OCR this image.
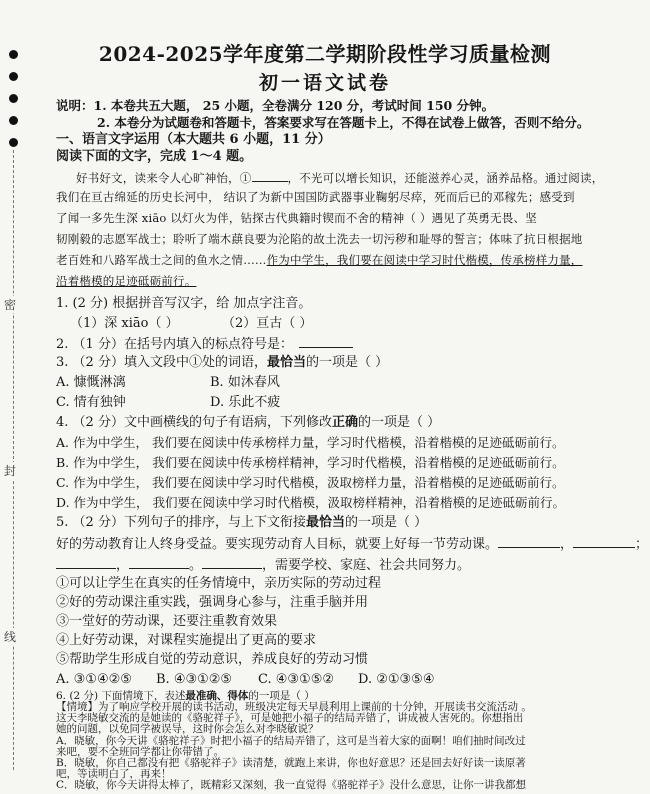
密
封
线
2024-2025学年度第二学期阶段性学习质量检测
初一语文试卷
说明：1. 本卷共五大题， 25 小题，全卷满分 120 分，考试时间 150 分钟。
2. 本卷分为试题卷和答题卡，答案要求写在答题卡上，不得在试卷上做答，否则不给分。
一、语言文字运用（本大题共 6 小题，11 分）
阅读下面的文字，完成 1～4 题。
好书好文，读来令人心旷神怡，①	，不光可以增长知识，还能滋养心灵，涵养品格。通过阅读，
我们在亘古绵延的历史长河中， 结识了为新中国国防武器事业鞠躬尽瘁，死而后已的邓稼先；感受到
了闻一多先生深 xiāo 以灯火为伴，钻探古代典籍时锲而不舍的精神（ ）遇见了英勇无畏、坚
韧刚毅的志愿军战士；聆听了端木蕻良要为沦陷的故土洗去一切污秽和耻辱的誓言；体味了抗日根据地
老百姓和八路军战士之间的鱼水之情……作为中学生，我们要在阅读中学习时代楷模，传承榜样力量，
沿着楷模的足迹砥砺前行。
1. (2 分) 根据拼音写汉字，给 加点字注音。
（1）深 xiāo（ ）	（2）亘古（ ）
2. （1 分）在括号内填入的标点符号是：
3. （2 分）填入文段中①处的词语，最恰当的一项是（ ）
A. 慷慨淋漓	B. 如沐春风
C. 情有独钟	D. 乐此不疲
4. （2 分）文中画横线的句子有语病，下列修改正确的一项是（ ）
A. 作为中学生， 我们要在阅读中传承榜样力量，学习时代楷模，沿着楷模的足迹砥砺前行。
B. 作为中学生， 我们要在阅读中传承榜样精神，学习时代楷模，沿着楷模的足迹砥砺前行。
C. 作为中学生， 我们要在阅读中学习时代楷模，汲取榜样力量，沿着楷模的足迹砥砺前行。
D. 作为中学生， 我们要在阅读中学习时代楷模，汲取榜样精神，沿着楷模的足迹砥砺前行。
5. （2 分）下列句子的排序，与上下文衔接最恰当的一项是（ ）
好的劳动教育让人终身受益。要实现劳动育人目标，就要上好每一节劳动课。	，	；
，	。	，需要学校、家庭、社会共同努力。
①可以让学生在真实的任务情境中，亲历实际的劳动过程
②好的劳动课注重实践，强调身心参与，注重手脑并用
③一堂好的劳动课，还要注重教育效果
④上好劳动课，对课程实施提出了更高的要求
⑤帮助学生形成自觉的劳动意识，养成良好的劳动习惯
A. ③①④②⑤ B. ④③①②⑤ C. ④③①⑤② D. ②①③⑤④
6. (2 分) 下面情境下，表述最准确、得体的一项是（ ）
【情境】为了响应学校开展的读书活动，班级决定每天早晨利用上课前的十分钟，开展读书交流活动 。
这天李晓敏交流的是她读的《骆驼祥子》，可是她把小福子的结局弄错了，讲成被人害死的。你想指出
她的问题，以免同学被误导，这时你会怎么对李晓敏说？
A．晓敏，你今天讲《骆驼祥子》时把小福子的结局弄错了，这可是当着大家的面啊！咱们抽时间改过
来吧，要不全班同学都让你带错了。
B．晓敏，你自己都没有把《骆驼祥子》读清楚，就跑上来讲，你也好意思？还是回去好好读一读原著
吧，等读明白了，再来！
C．晓敏，你今天讲得太棒了，既精彩又深刻，我一直觉得《骆驼祥子》没什么意思，让你一讲我都想
